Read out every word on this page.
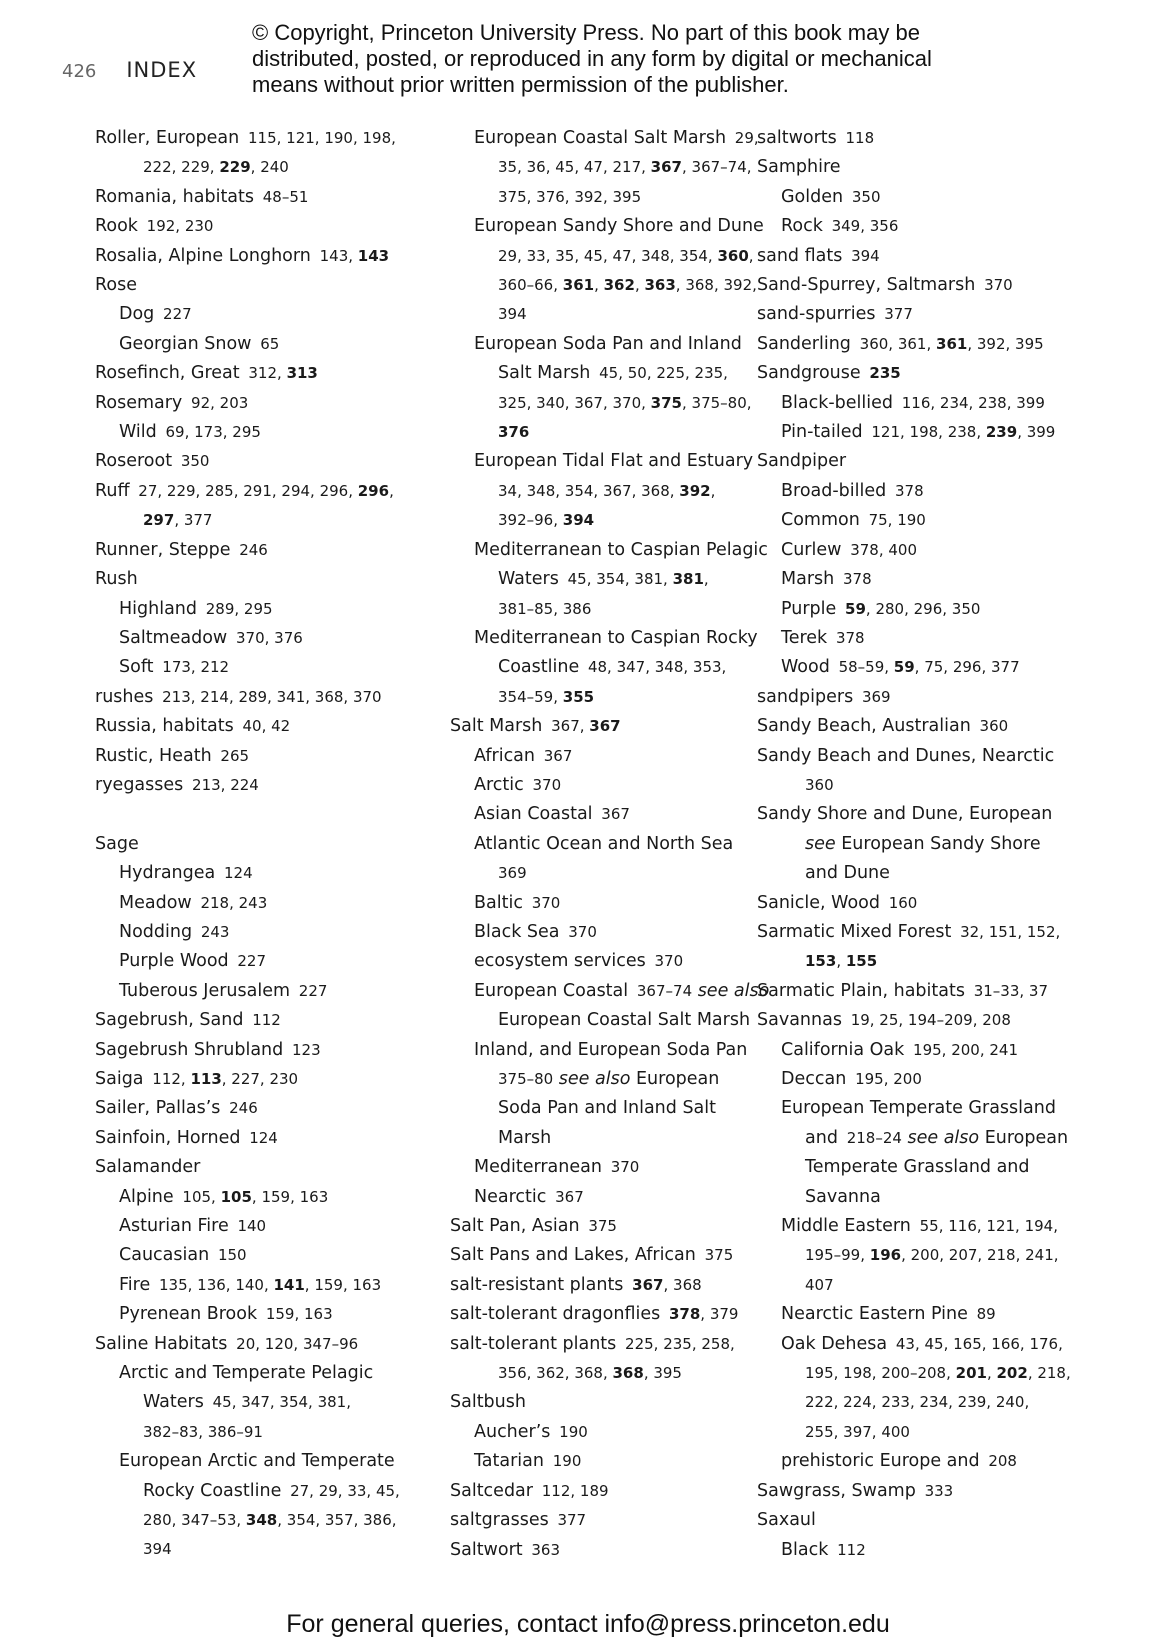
© Copyright, Princeton University Press. No part of this book may be distributed, posted, or reproduced in any form by digital or mechanical means without prior written permission of the publisher.
426 INDEX
Roller, European  115, 121, 190, 198,
222, 229, 229, 240
Romania, habitats  48–51
Rook  192, 230
Rosalia, Alpine Longhorn  143, 143
Rose
Dog  227
Georgian Snow  65
Rosefinch, Great  312, 313
Rosemary  92, 203
Wild  69, 173, 295
Roseroot  350
Ruff  27, 229, 285, 291, 294, 296, 296,
297, 377
Runner, Steppe  246
Rush
Highland  289, 295
Saltmeadow  370, 376
Soft  173, 212
rushes  213, 214, 289, 341, 368, 370
Russia, habitats  40, 42
Rustic, Heath  265
ryegasses  213, 224
Sage
Hydrangea  124
Meadow  218, 243
Nodding  243
Purple Wood  227
Tuberous Jerusalem  227
Sagebrush, Sand  112
Sagebrush Shrubland  123
Saiga  112, 113, 227, 230
Sailer, Pallas’s  246
Sainfoin, Horned  124
Salamander
Alpine  105, 105, 159, 163
Asturian Fire  140
Caucasian  150
Fire  135, 136, 140, 141, 159, 163
Pyrenean Brook  159, 163
Saline Habitats  20, 120, 347–96
Arctic and Temperate Pelagic
Waters  45, 347, 354, 381,
382–83, 386–91
European Arctic and Temperate
Rocky Coastline  27, 29, 33, 45,
280, 347–53, 348, 354, 357, 386,
394
European Coastal Salt Marsh  29,
35, 36, 45, 47, 217, 367, 367–74,
375, 376, 392, 395
European Sandy Shore and Dune
29, 33, 35, 45, 47, 348, 354, 360,
360–66, 361, 362, 363, 368, 392,
394
European Soda Pan and Inland
Salt Marsh  45, 50, 225, 235,
325, 340, 367, 370, 375, 375–80,
376
European Tidal Flat and Estuary
34, 348, 354, 367, 368, 392,
392–96, 394
Mediterranean to Caspian Pelagic
Waters  45, 354, 381, 381,
381–85, 386
Mediterranean to Caspian Rocky
Coastline  48, 347, 348, 353,
354–59, 355
Salt Marsh  367, 367
African  367
Arctic  370
Asian Coastal  367
Atlantic Ocean and North Sea
369
Baltic  370
Black Sea  370
ecosystem services  370
European Coastal  367–74 see also
European Coastal Salt Marsh
Inland, and European Soda Pan
375–80 see also European
Soda Pan and Inland Salt
Marsh
Mediterranean  370
Nearctic  367
Salt Pan, Asian  375
Salt Pans and Lakes, African  375
salt-resistant plants  367, 368
salt-tolerant dragonflies  378, 379
salt-tolerant plants  225, 235, 258,
356, 362, 368, 368, 395
Saltbush
Aucher’s  190
Tatarian  190
Saltcedar  112, 189
saltgrasses  377
Saltwort  363
saltworts  118
Samphire
Golden  350
Rock  349, 356
sand flats  394
Sand-Spurrey, Saltmarsh  370
sand-spurries  377
Sanderling  360, 361, 361, 392, 395
Sandgrouse  235
Black-bellied  116, 234, 238, 399
Pin-tailed  121, 198, 238, 239, 399
Sandpiper
Broad-billed  378
Common  75, 190
Curlew  378, 400
Marsh  378
Purple  59, 280, 296, 350
Terek  378
Wood  58–59, 59, 75, 296, 377
sandpipers  369
Sandy Beach, Australian  360
Sandy Beach and Dunes, Nearctic
360
Sandy Shore and Dune, European
see European Sandy Shore
and Dune
Sanicle, Wood  160
Sarmatic Mixed Forest  32, 151, 152,
153, 155
Sarmatic Plain, habitats  31–33, 37
Savannas  19, 25, 194–209, 208
California Oak  195, 200, 241
Deccan  195, 200
European Temperate Grassland
and  218–24 see also European
Temperate Grassland and
Savanna
Middle Eastern  55, 116, 121, 194,
195–99, 196, 200, 207, 218, 241,
407
Nearctic Eastern Pine  89
Oak Dehesa  43, 45, 165, 166, 176,
195, 198, 200–208, 201, 202, 218,
222, 224, 233, 234, 239, 240,
255, 397, 400
prehistoric Europe and  208
Sawgrass, Swamp  333
Saxaul
Black  112
For general queries, contact info@press.princeton.edu
